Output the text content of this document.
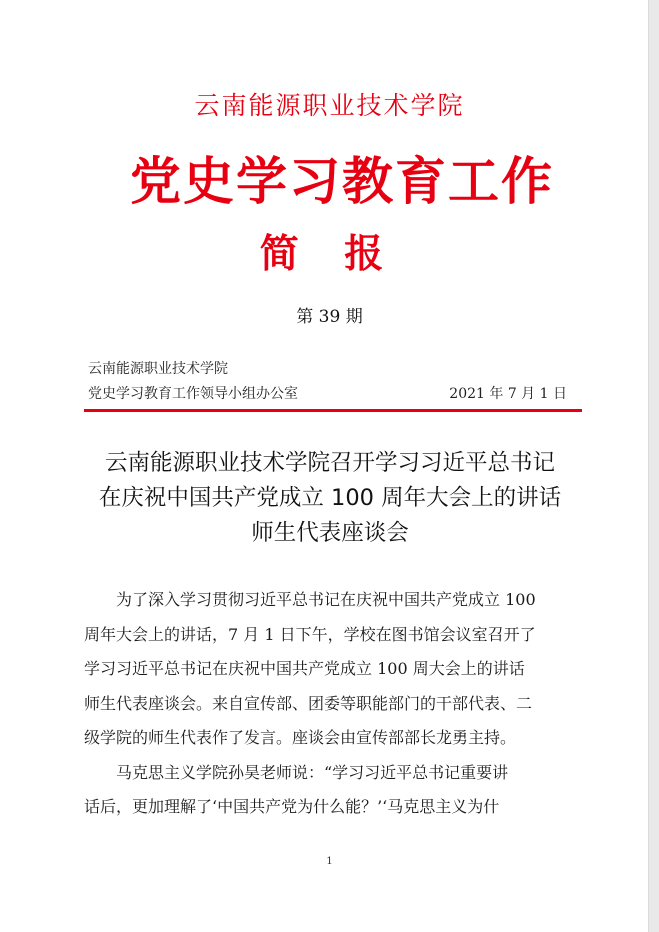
云南能源职业技术学院
党史学习教育工作
简 报
第 39 期
云南能源职业技术学院
党史学习教育工作领导小组办公室	2021 年 7 月 1 日
云南能源职业技术学院召开学习习近平总书记
在庆祝中国共产党成立 100 周年大会上的讲话
师生代表座谈会
　　为了深入学习贯彻习近平总书记在庆祝中国共产党成立 100
周年大会上的讲话，7 月 1 日下午，学校在图书馆会议室召开了
学习习近平总书记在庆祝中国共产党成立 100 周大会上的讲话
师生代表座谈会。来自宣传部、团委等职能部门的干部代表、二
级学院的师生代表作了发言。座谈会由宣传部部长龙勇主持。
　　马克思主义学院孙昊老师说：“学习习近平总书记重要讲
话后，更加理解了‘中国共产党为什么能？’‘马克思主义为什
1
